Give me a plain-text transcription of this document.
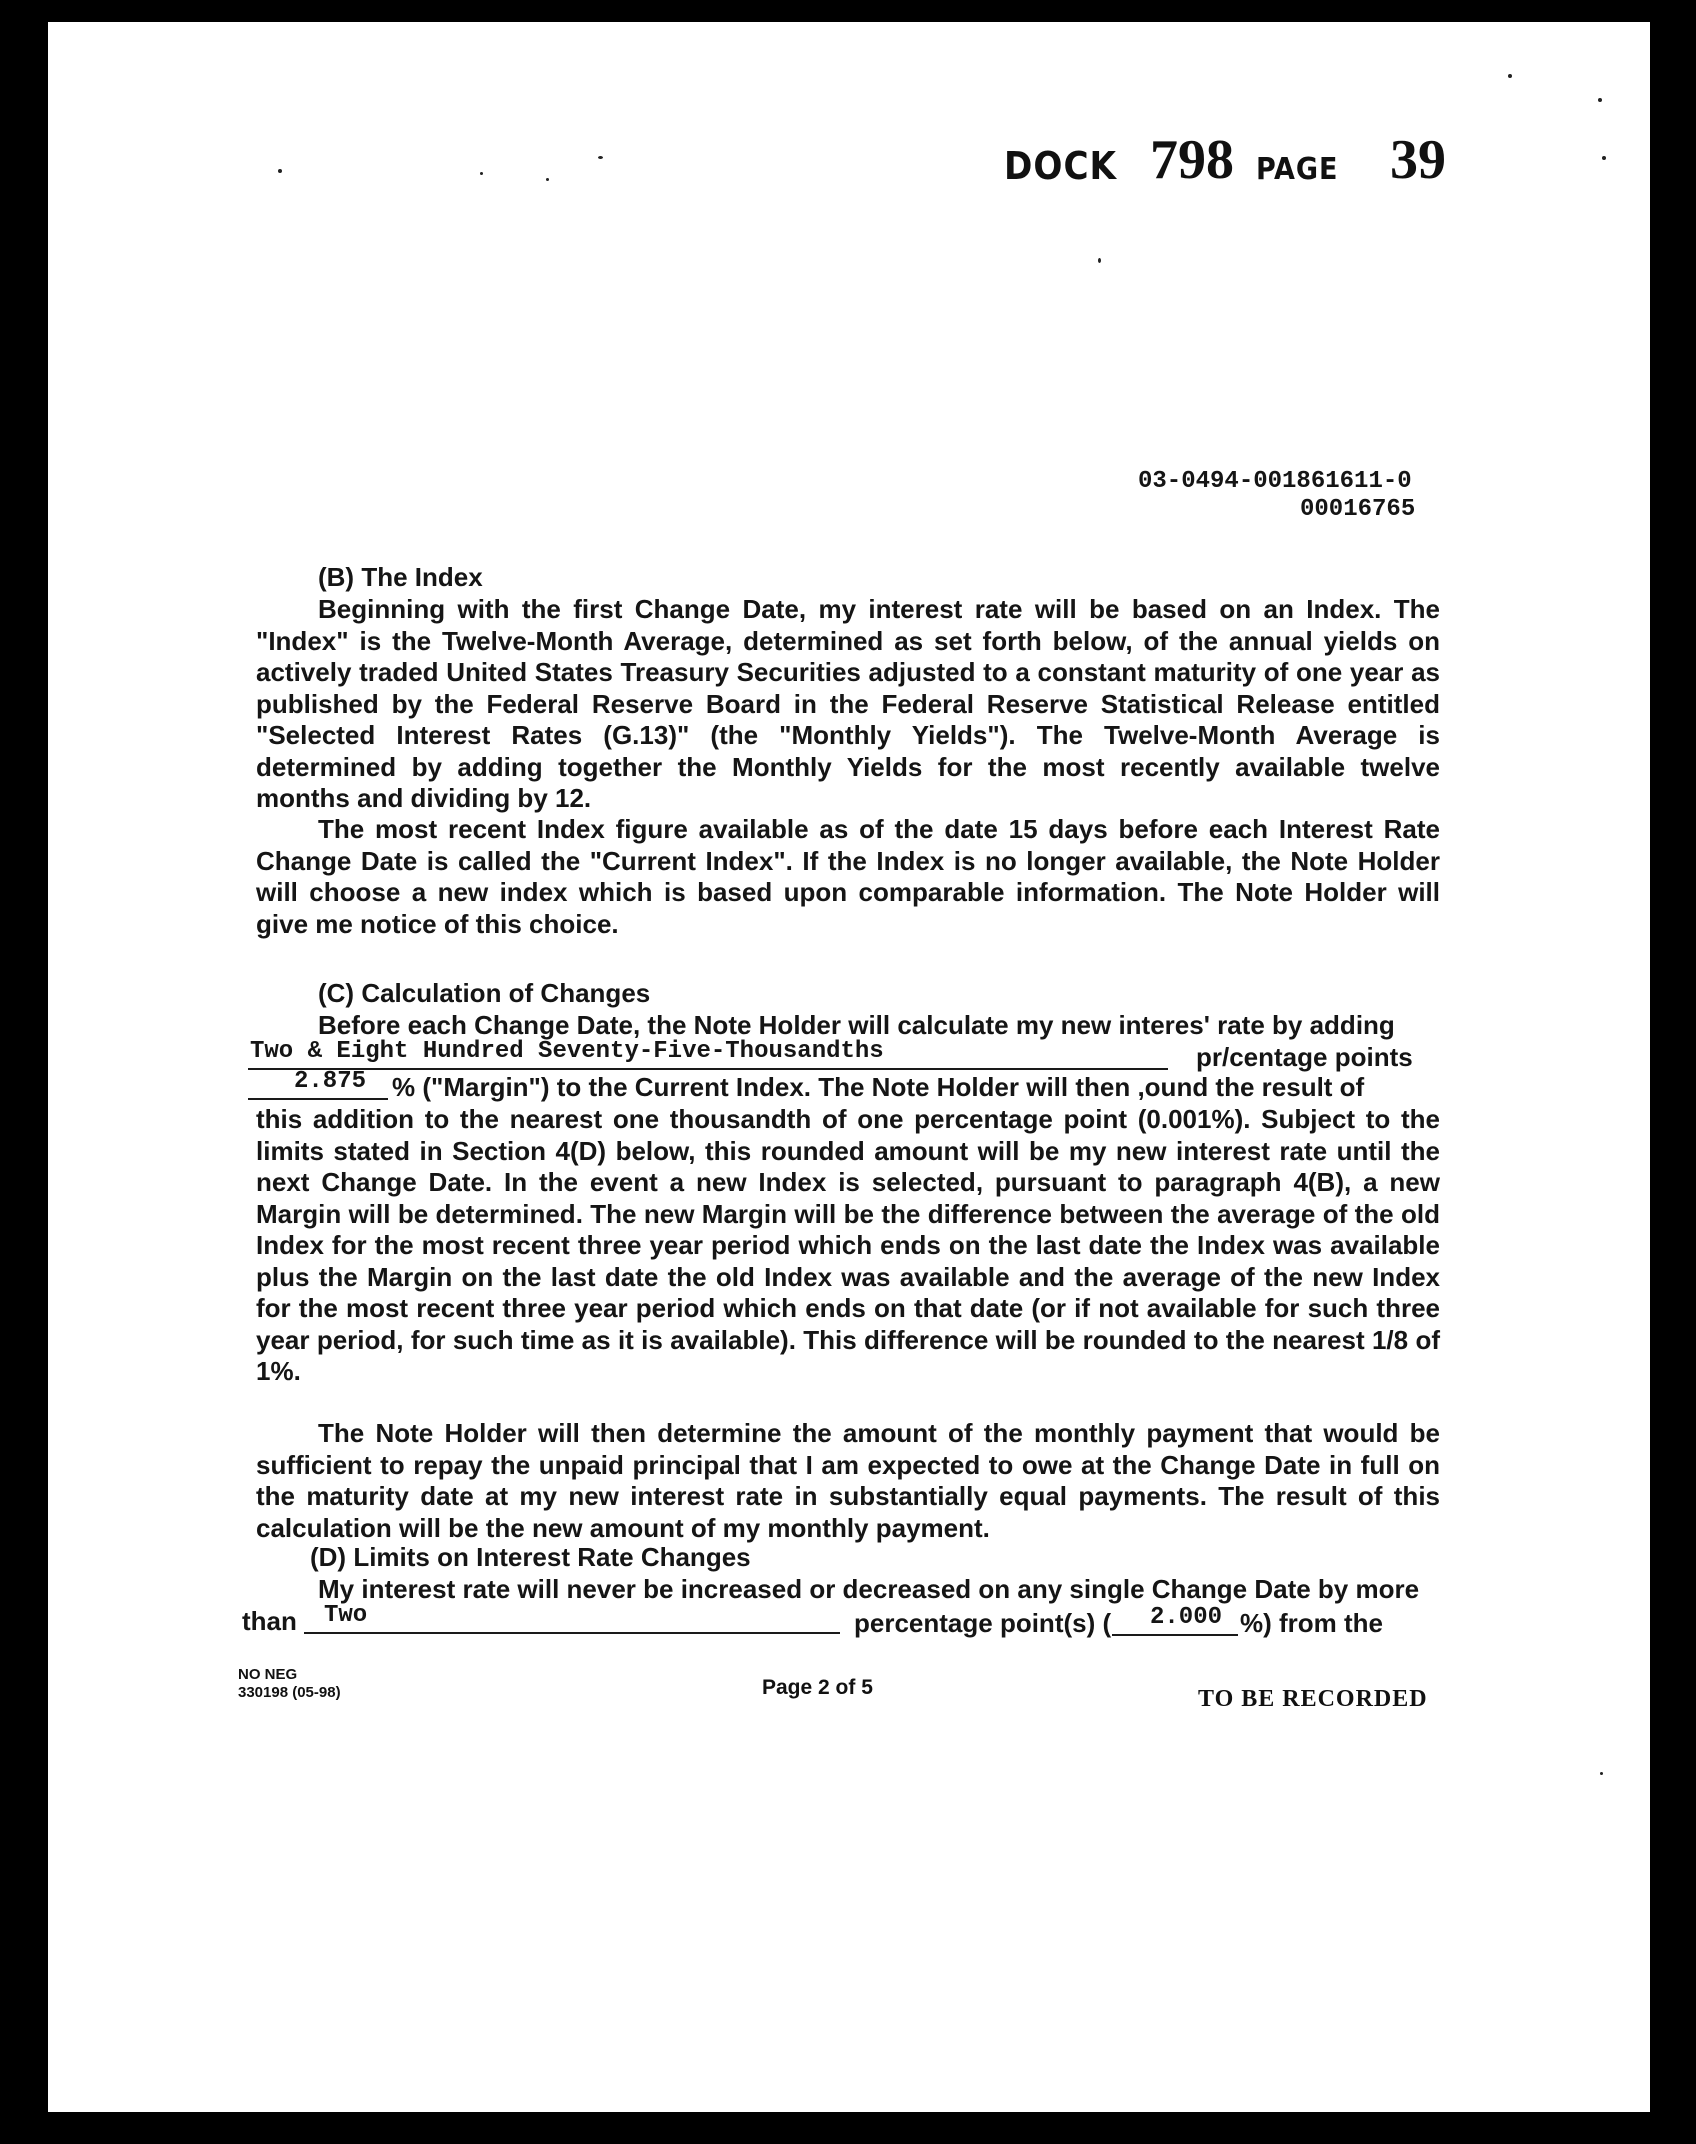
DOCK 798 PAGE 39
03-0494-001861611-0
00016765
(B) The Index
Beginning with the first Change Date, my interest rate will be based on an Index. The "Index" is the Twelve-Month Average, determined as set forth below, of the annual yields on actively traded United States Treasury Securities adjusted to a constant maturity of one year as published by the Federal Reserve Board in the Federal Reserve Statistical Release entitled "Selected Interest Rates (G.13)" (the "Monthly Yields"). The Twelve-Month Average is determined by adding together the Monthly Yields for the most recently available twelve months and dividing by 12.
The most recent Index figure available as of the date 15 days before each Interest Rate Change Date is called the "Current Index". If the Index is no longer available, the Note Holder will choose a new index which is based upon comparable information. The Note Holder will give me notice of this choice.
(C) Calculation of Changes
Before each Change Date, the Note Holder will calculate my new interes' rate by adding
Two & Eight Hundred Seventy-Five-Thousandths	pr/centage points
2.875 % ("Margin") to the Current Index. The Note Holder will then ,ound the result of
this addition to the nearest one thousandth of one percentage point (0.001%). Subject to the limits stated in Section 4(D) below, this rounded amount will be my new interest rate until the next Change Date. In the event a new Index is selected, pursuant to paragraph 4(B), a new Margin will be determined. The new Margin will be the difference between the average of the old Index for the most recent three year period which ends on the last date the Index was available plus the Margin on the last date the old Index was available and the average of the new Index for the most recent three year period which ends on that date (or if not available for such three year period, for such time as it is available). This difference will be rounded to the nearest 1/8 of 1%.
The Note Holder will then determine the amount of the monthly payment that would be sufficient to repay the unpaid principal that I am expected to owe at the Change Date in full on the maturity date at my new interest rate in substantially equal payments. The result of this calculation will be the new amount of my monthly payment.
(D) Limits on Interest Rate Changes
My interest rate will never be increased or decreased on any single Change Date by more
than Two	percentage point(s) ( 2.000 %) from the
NO NEG
330198 (05-98)	Page 2 of 5	TO BE RECORDED
